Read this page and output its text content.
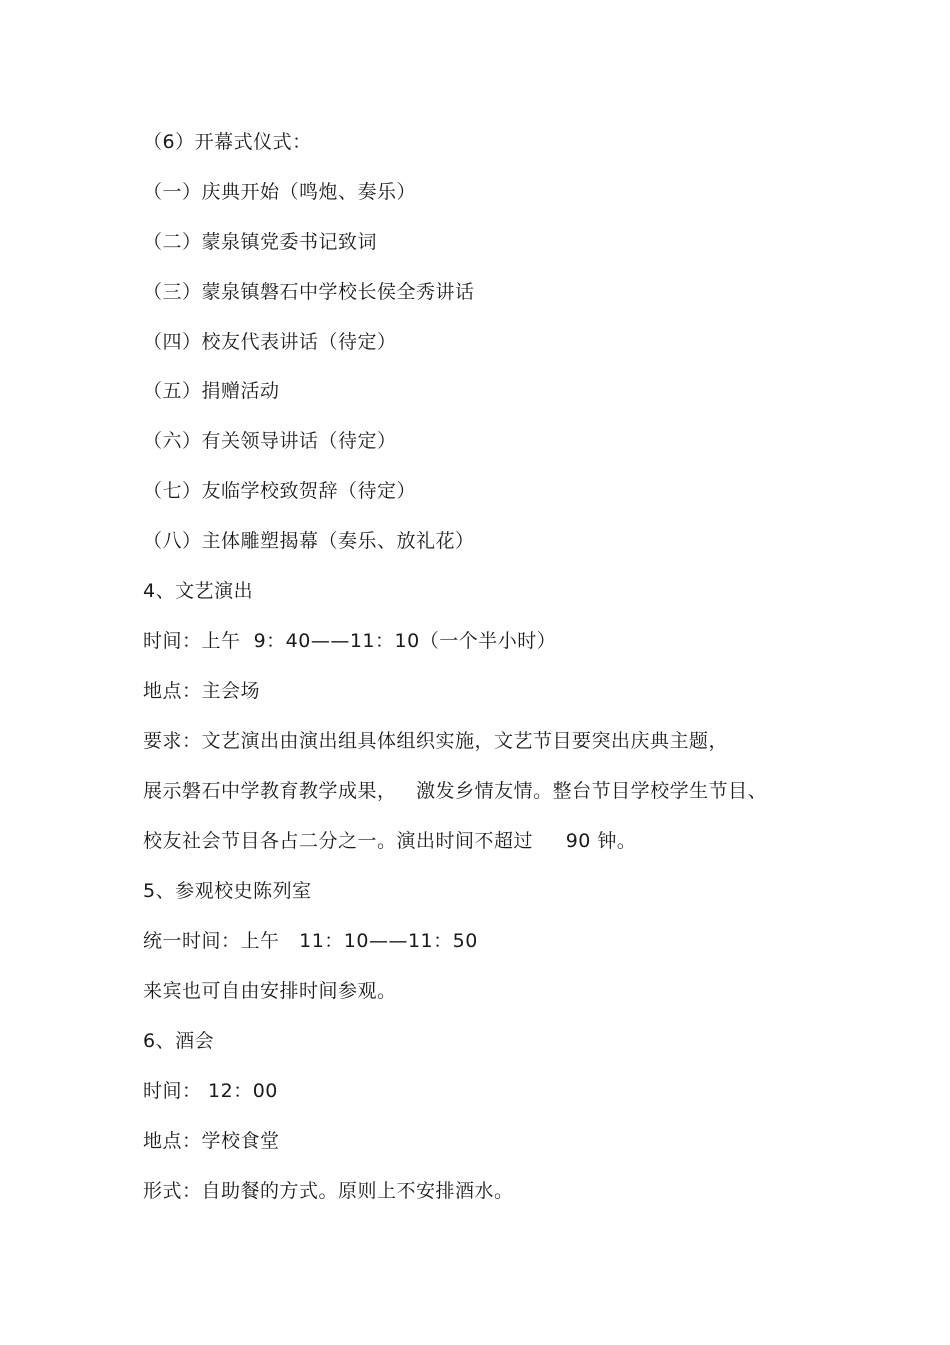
（6）开幕式仪式：
（一）庆典开始（鸣炮、奏乐）
（二）蒙泉镇党委书记致词
（三）蒙泉镇磐石中学校长侯全秀讲话
（四）校友代表讲话（待定）
（五）捐赠活动
（六）有关领导讲话（待定）
（七）友临学校致贺辞（待定）
（八）主体雕塑揭幕（奏乐、放礼花）
4、文艺演出
时间：上午  9：40——11：10（一个半小时）
地点：主会场
要求：文艺演出由演出组具体组织实施，文艺节目要突出庆典主题，
展示磐石中学教育教学成果，   激发乡情友情。整台节目学校学生节目、
校友社会节目各占二分之一。演出时间不超过     90 钟。
5、参观校史陈列室
统一时间：上午   11：10——11：50
来宾也可自由安排时间参观。
6、酒会
时间： 12：00
地点：学校食堂
形式：自助餐的方式。原则上不安排酒水。
